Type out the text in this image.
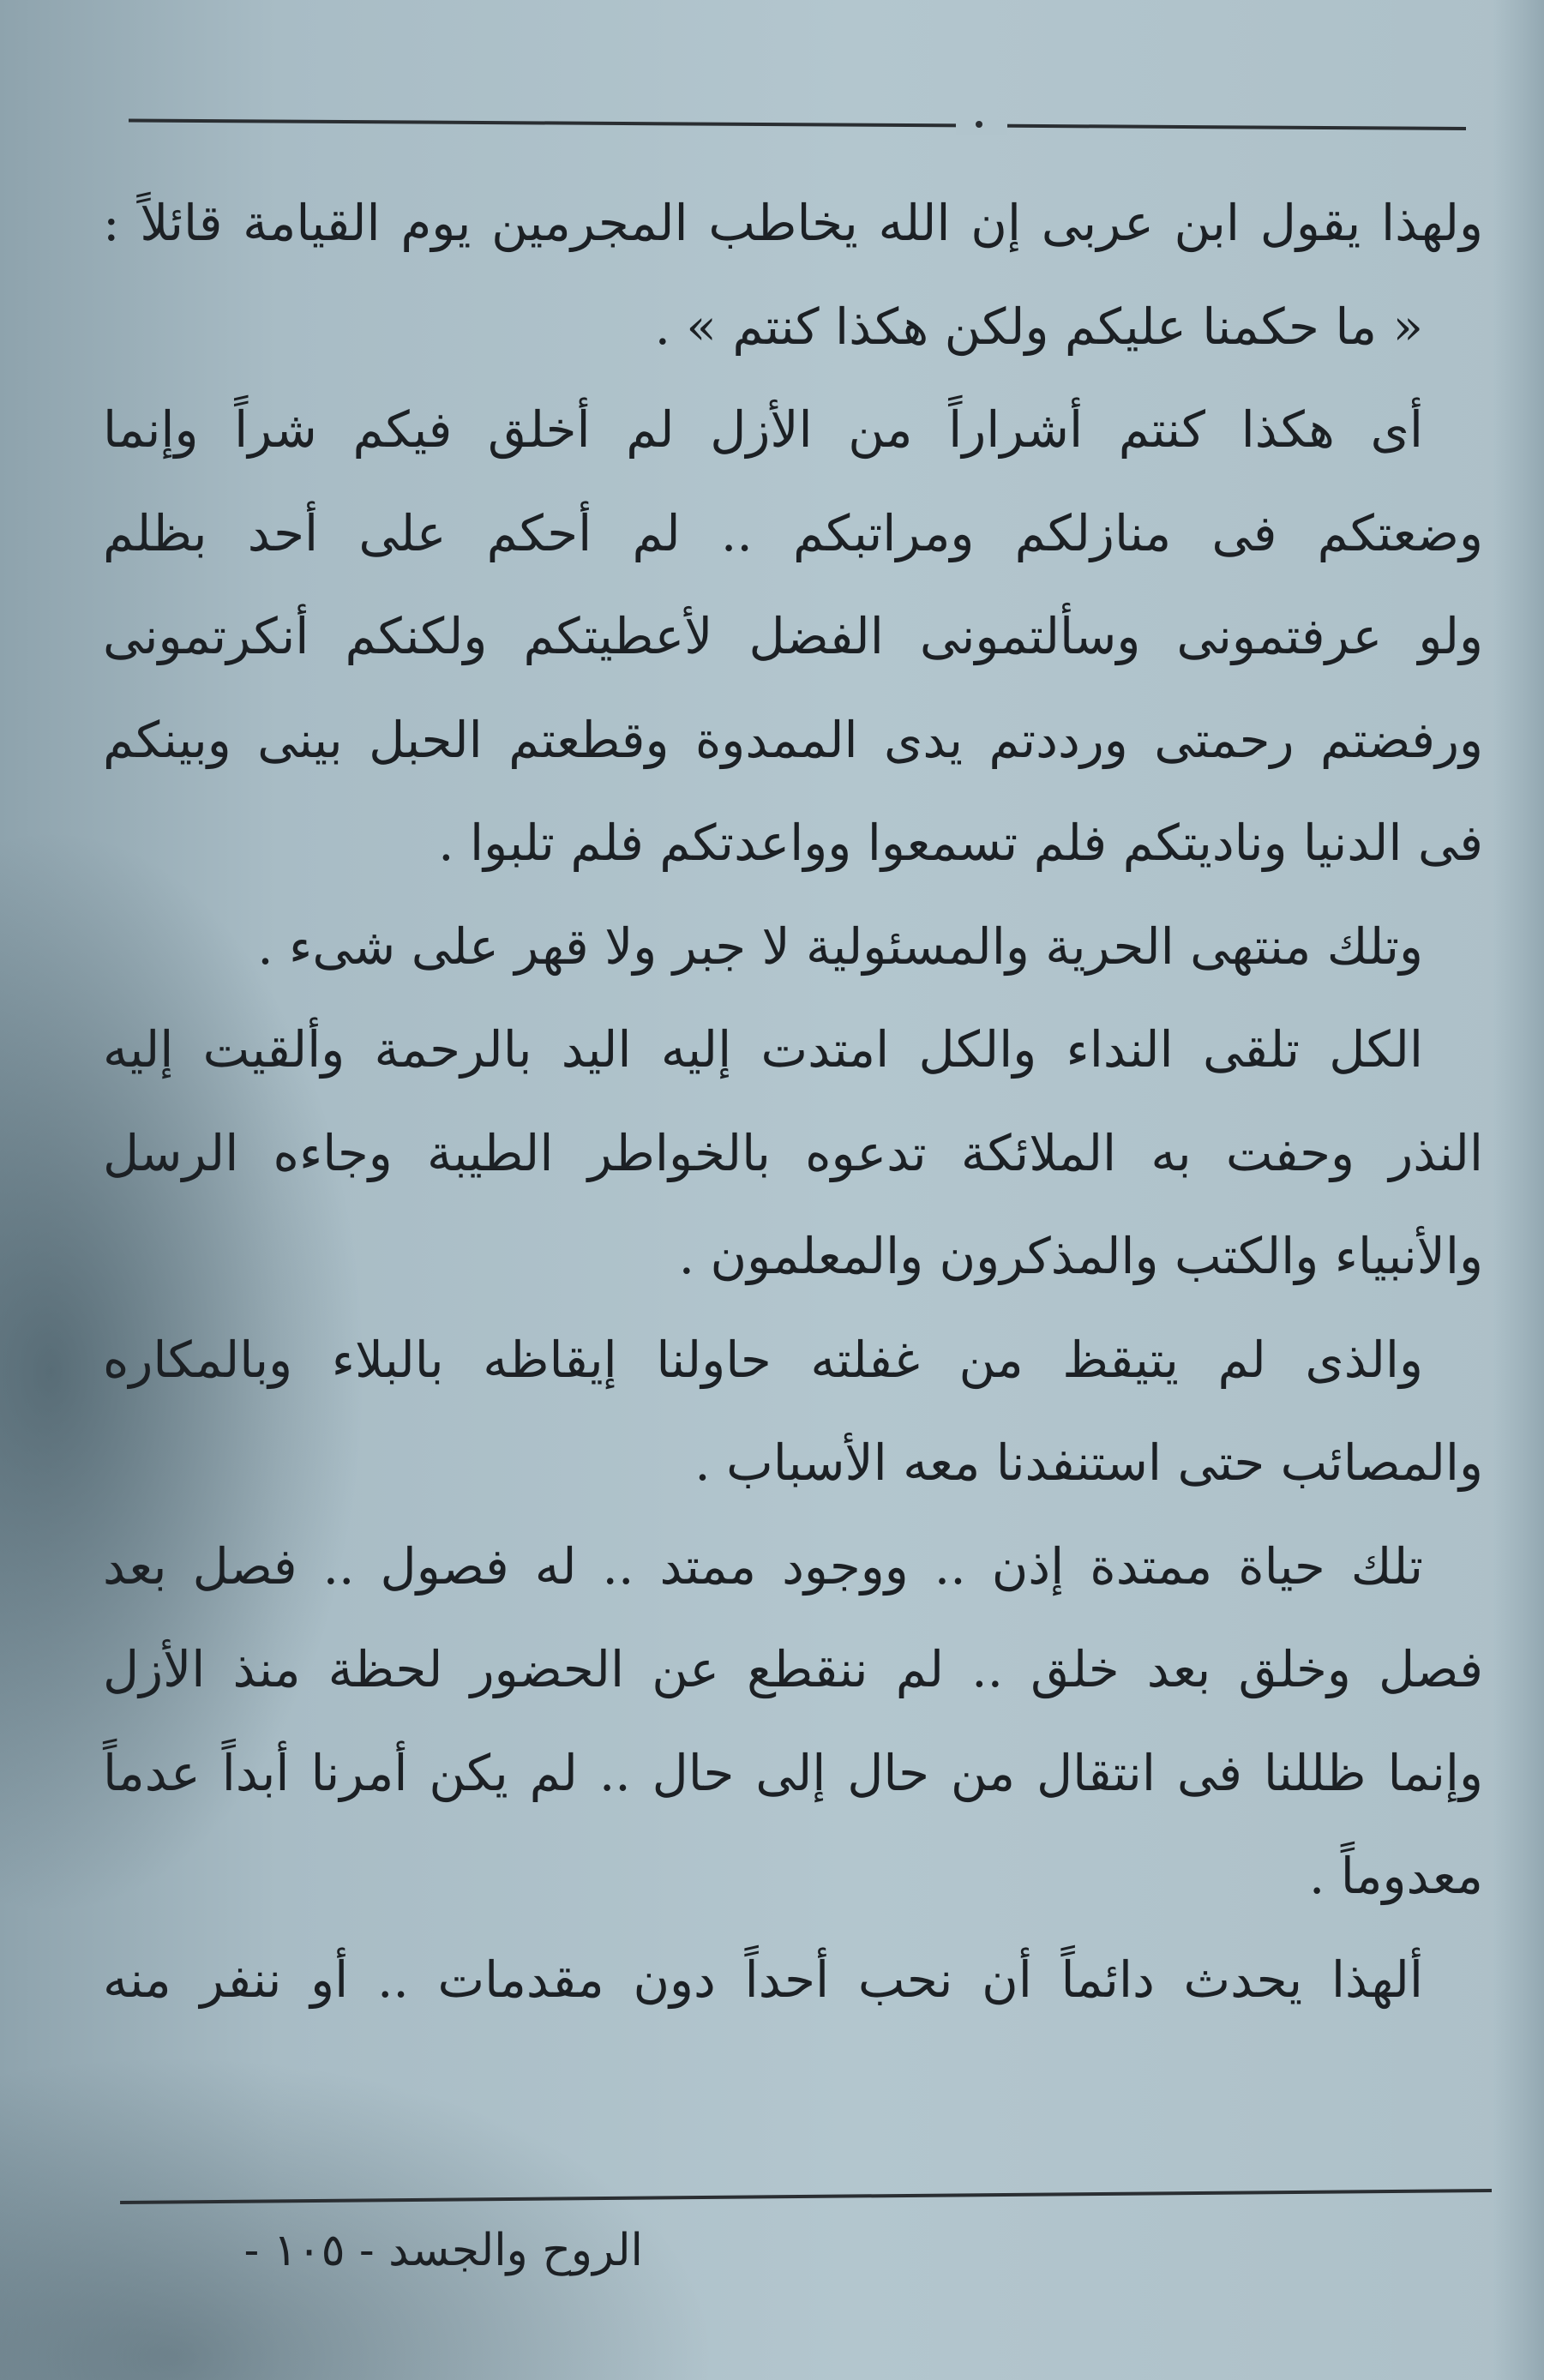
ولهذا يقول ابن عربى إن الله يخاطب المجرمين يوم القيامة قائلاً :
« ما حكمنا عليكم ولكن هكذا كنتم » .
أى هكذا كنتم أشراراً من الأزل لم أخلق فيكم شراً وإنما
وضعتكم فى منازلكم ومراتبكم .. لم أحكم على أحد بظلم
ولو عرفتمونى وسألتمونى الفضل لأعطيتكم ولكنكم أنكرتمونى
ورفضتم رحمتى ورددتم يدى الممدوة وقطعتم الحبل بينى وبينكم
فى الدنيا وناديتكم فلم تسمعوا وواعدتكم فلم تلبوا .
وتلك منتهى الحرية والمسئولية لا جبر ولا قهر على شىء .
الكل تلقى النداء والكل امتدت إليه اليد بالرحمة وألقيت إليه
النذر وحفت به الملائكة تدعوه بالخواطر الطيبة وجاءه الرسل
والأنبياء والكتب والمذكرون والمعلمون .
والذى لم يتيقظ من غفلته حاولنا إيقاظه بالبلاء وبالمكاره
والمصائب حتى استنفدنا معه الأسباب .
تلك حياة ممتدة إذن .. ووجود ممتد .. له فصول .. فصل بعد
فصل وخلق بعد خلق .. لم ننقطع عن الحضور لحظة منذ الأزل
وإنما ظللنا فى انتقال من حال إلى حال .. لم يكن أمرنا أبداً عدماً
معدوماً .
ألهذا يحدث دائماً أن نحب أحداً دون مقدمات .. أو ننفر منه
الروح والجسد - ١٠٥ -
